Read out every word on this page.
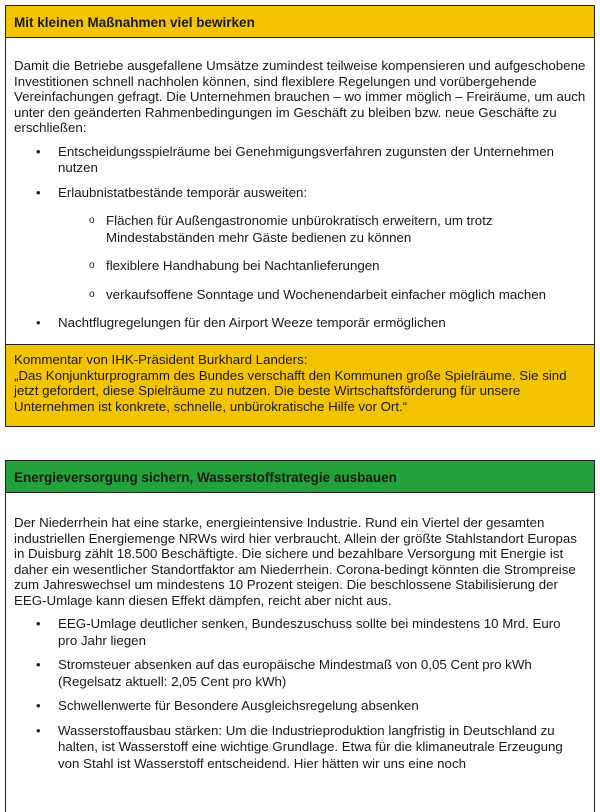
Mit kleinen Maßnahmen viel bewirken
Damit die Betriebe ausgefallene Umsätze zumindest teilweise kompensieren und aufgeschobene Investitionen schnell nachholen können, sind flexiblere Regelungen und vorübergehende Vereinfachungen gefragt. Die Unternehmen brauchen – wo immer möglich – Freiräume, um auch unter den geänderten Rahmenbedingungen im Geschäft zu bleiben bzw. neue Geschäfte zu erschließen:
• Entscheidungsspielräume bei Genehmigungsverfahren zugunsten der Unternehmen nutzen
• Erlaubnistatbestände temporär ausweiten:
o Flächen für Außengastronomie unbürokratisch erweitern, um trotz Mindestabständen mehr Gäste bedienen zu können
o flexiblere Handhabung bei Nachtanlieferungen
o verkaufsoffene Sonntage und Wochenendarbeit einfacher möglich machen
• Nachtflugregelungen für den Airport Weeze temporär ermöglichen
Kommentar von IHK-Präsident Burkhard Landers:
„Das Konjunkturprogramm des Bundes verschafft den Kommunen große Spielräume. Sie sind jetzt gefordert, diese Spielräume zu nutzen. Die beste Wirtschaftsförderung für unsere Unternehmen ist konkrete, schnelle, unbürokratische Hilfe vor Ort.“
Energieversorgung sichern, Wasserstoffstrategie ausbauen
Der Niederrhein hat eine starke, energieintensive Industrie. Rund ein Viertel der gesamten industriellen Energiemenge NRWs wird hier verbraucht. Allein der größte Stahlstandort Europas in Duisburg zählt 18.500 Beschäftigte. Die sichere und bezahlbare Versorgung mit Energie ist daher ein wesentlicher Standortfaktor am Niederrhein. Corona-bedingt könnten die Strompreise zum Jahreswechsel um mindestens 10 Prozent steigen. Die beschlossene Stabilisierung der EEG-Umlage kann diesen Effekt dämpfen, reicht aber nicht aus.
• EEG-Umlage deutlicher senken, Bundeszuschuss sollte bei mindestens 10 Mrd. Euro pro Jahr liegen
• Stromsteuer absenken auf das europäische Mindestmaß von 0,05 Cent pro kWh (Regelsatz aktuell: 2,05 Cent pro kWh)
• Schwellenwerte für Besondere Ausgleichsregelung absenken
• Wasserstoffausbau stärken: Um die Industrieproduktion langfristig in Deutschland zu halten, ist Wasserstoff eine wichtige Grundlage. Etwa für die klimaneutrale Erzeugung von Stahl ist Wasserstoff entscheidend. Hier hätten wir uns eine noch
